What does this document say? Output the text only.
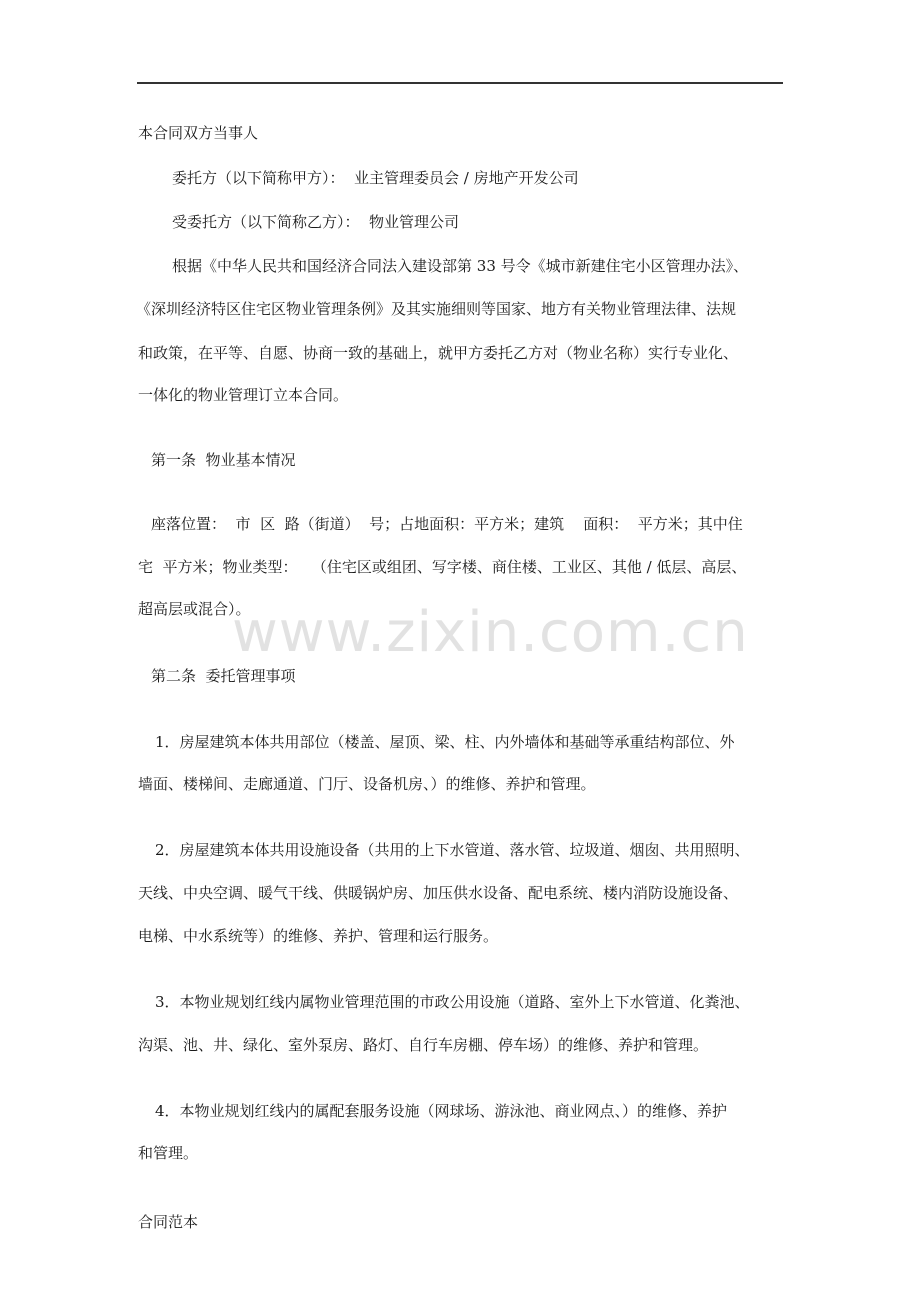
www.zixin.com.cn
本合同双方当事人
委托方（以下简称甲方）：  业主管理委员会 / 房地产开发公司
受委托方（以下简称乙方）：  物业管理公司
根据《中华人民共和国经济合同法入建设部第 33 号令《城市新建住宅小区管理办法》、
《深圳经济特区住宅区物业管理条例》及其实施细则等国家、地方有关物业管理法律、法规
和政策，在平等、自愿、协商一致的基础上，就甲方委托乙方对（物业名称）实行专业化、
一体化的物业管理订立本合同。
第一条  物业基本情况
座落位置：  市  区  路（街道）  号；占地面积：平方米；建筑    面积：  平方米；其中住
宅  平方米；物业类型：   （住宅区或组团、写字楼、商住楼、工业区、其他 / 低层、高层、
超高层或混合）。
第二条  委托管理事项
1．房屋建筑本体共用部位（楼盖、屋顶、梁、柱、内外墙体和基础等承重结构部位、外
墙面、楼梯间、走廊通道、门厅、设备机房、）的维修、养护和管理。
2．房屋建筑本体共用设施设备（共用的上下水管道、落水管、垃圾道、烟囱、共用照明、
天线、中央空调、暖气干线、供暖锅炉房、加压供水设备、配电系统、楼内消防设施设备、
电梯、中水系统等）的维修、养护、管理和运行服务。
3．本物业规划红线内属物业管理范围的市政公用设施（道路、室外上下水管道、化粪池、
沟渠、池、井、绿化、室外泵房、路灯、自行车房棚、停车场）的维修、养护和管理。
4．本物业规划红线内的属配套服务设施（网球场、游泳池、商业网点、）的维修、养护
和管理。
合同范本
